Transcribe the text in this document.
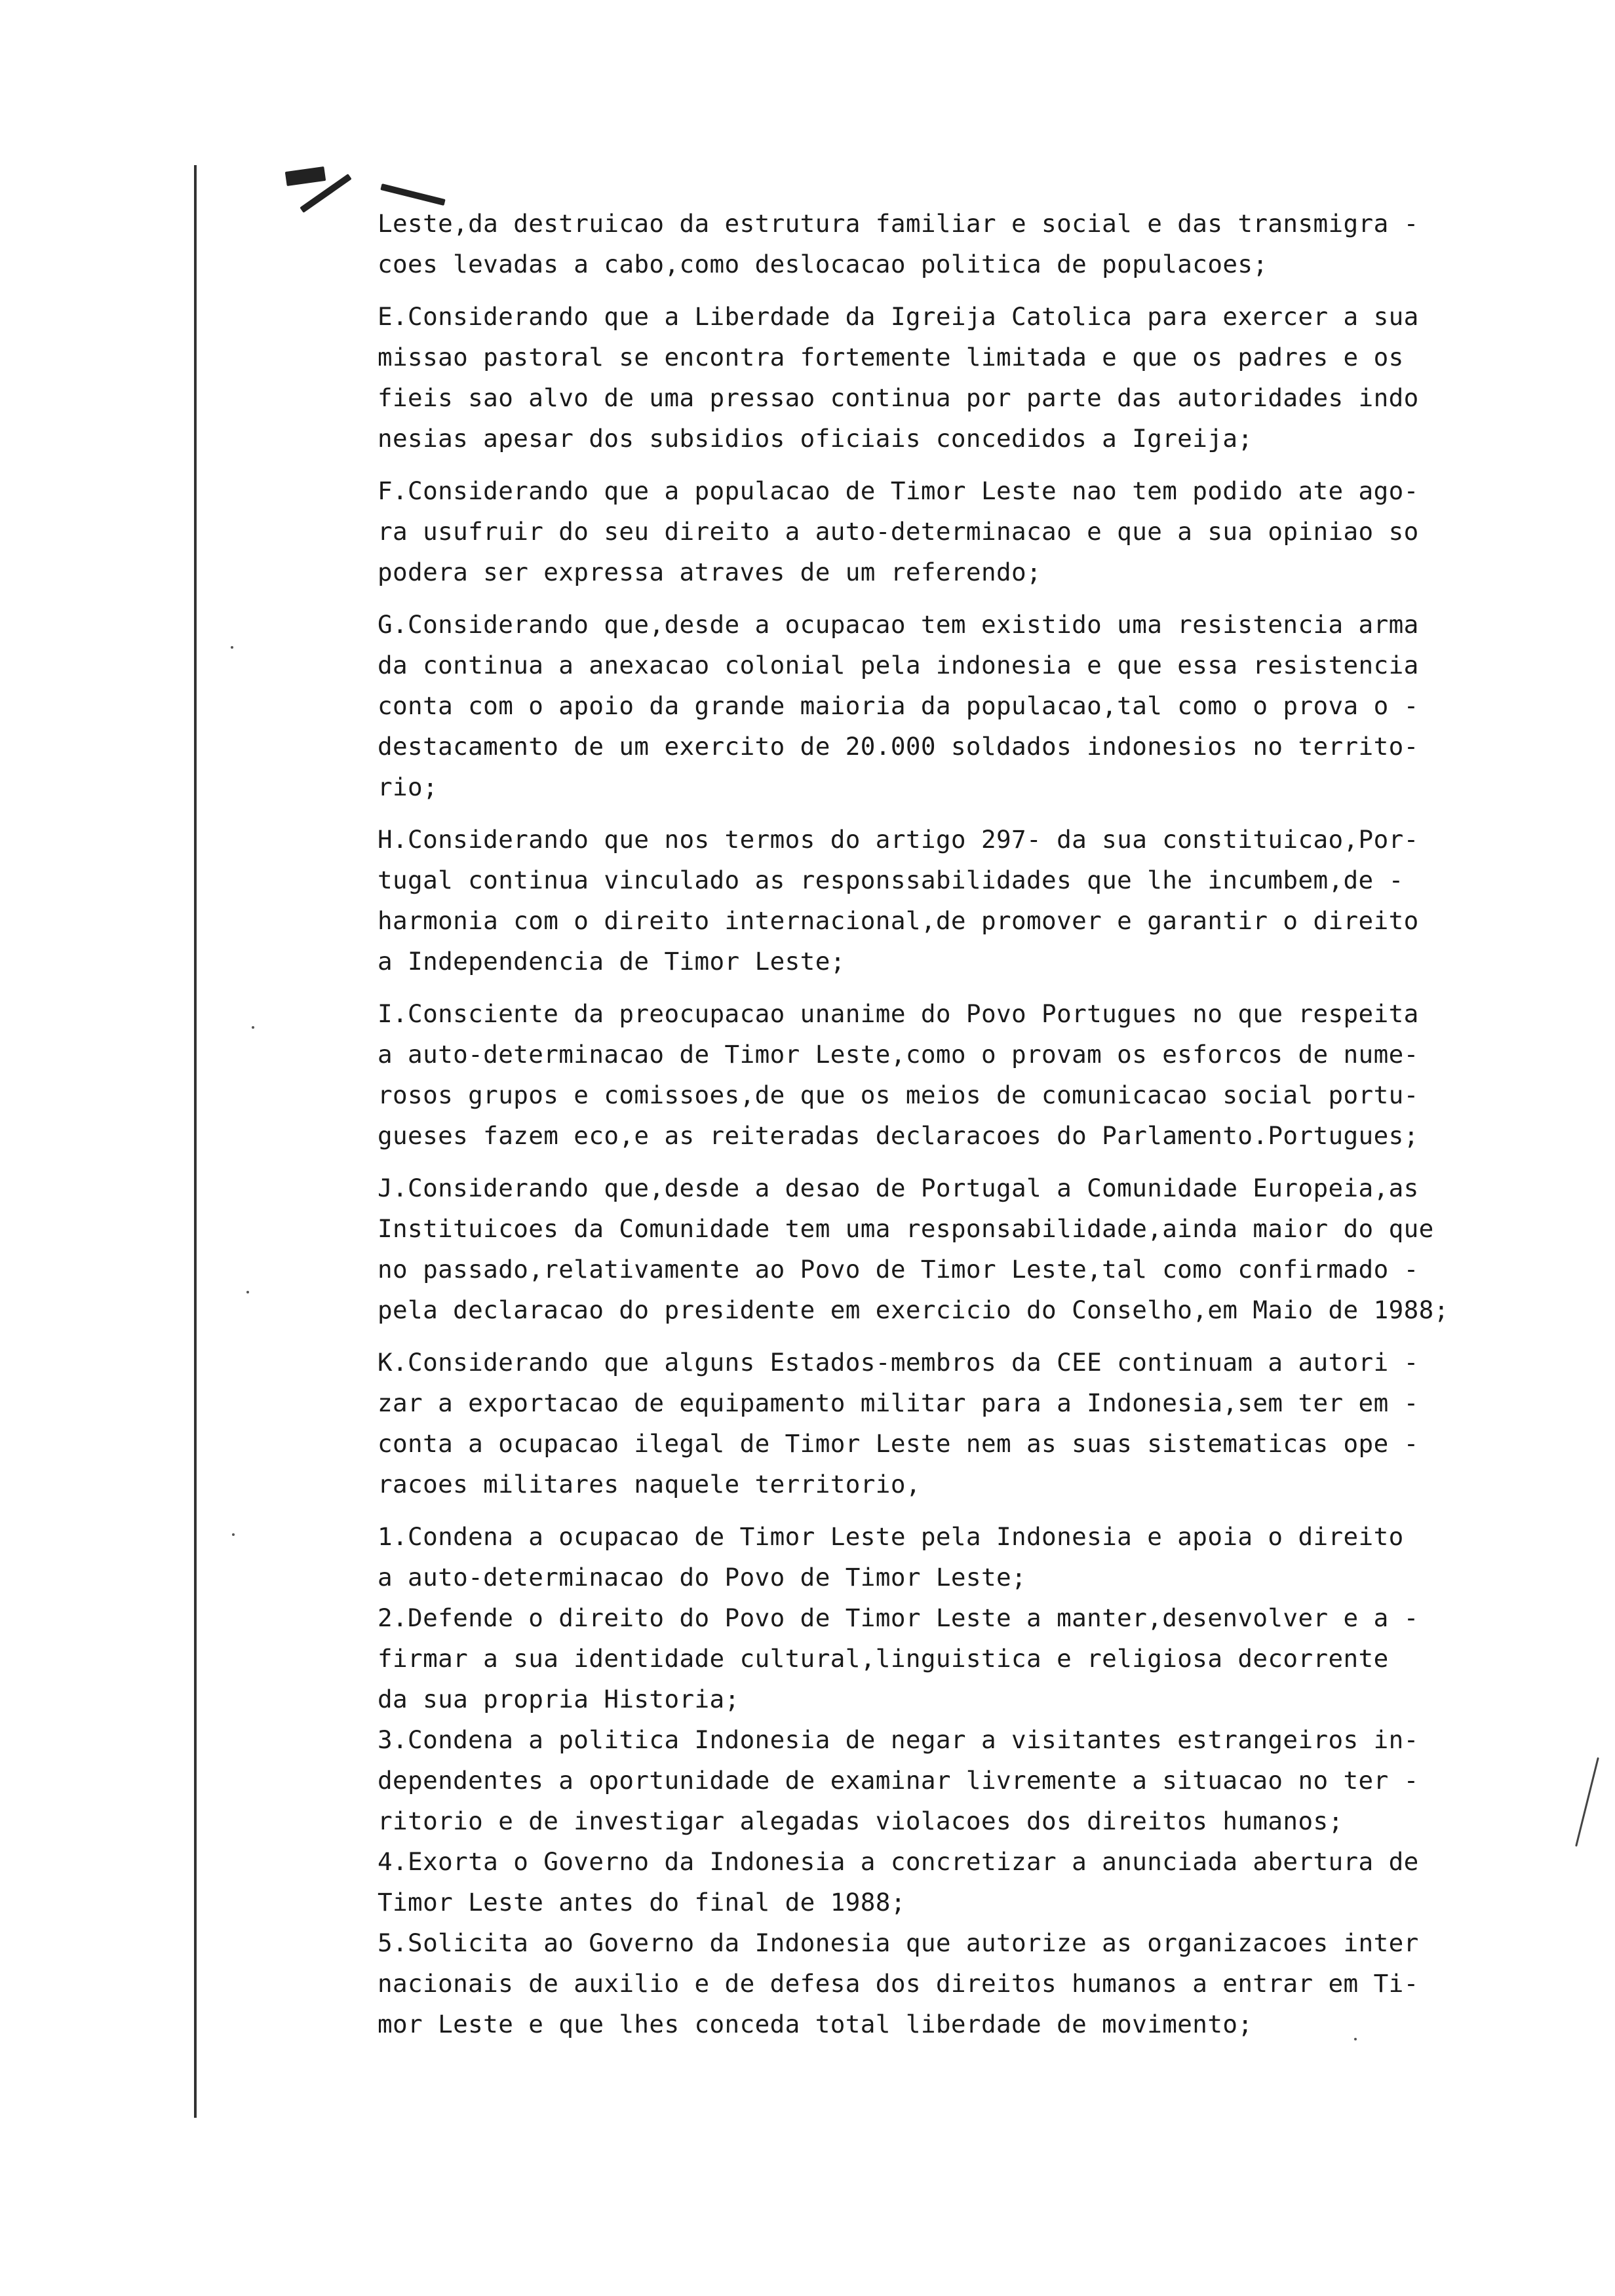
Leste,da destruicao da estrutura familiar e social e das transmigra -
coes levadas a cabo,como deslocacao politica de populacoes;
E.Considerando que a Liberdade da Igreija Catolica para exercer a sua
missao pastoral se encontra fortemente limitada e que os padres e os
fieis sao alvo de uma pressao continua por parte das autoridades indo
nesias apesar dos subsidios oficiais concedidos a Igreija;
F.Considerando que a populacao de Timor Leste nao tem podido ate ago-
ra usufruir do seu direito a auto-determinacao e que a sua opiniao so
podera ser expressa atraves de um referendo;
G.Considerando que,desde a ocupacao tem existido uma resistencia arma
da continua a anexacao colonial pela indonesia e que essa resistencia
conta com o apoio da grande maioria da populacao,tal como o prova o -
destacamento de um exercito de 20.000 soldados indonesios no territo-
rio;
H.Considerando que nos termos do artigo 297- da sua constituicao,Por-
tugal continua vinculado as responssabilidades que lhe incumbem,de -
harmonia com o direito internacional,de promover e garantir o direito
a Independencia de Timor Leste;
I.Consciente da preocupacao unanime do Povo Portugues no que respeita
a auto-determinacao de Timor Leste,como o provam os esforcos de nume-
rosos grupos e comissoes,de que os meios de comunicacao social portu-
gueses fazem eco,e as reiteradas declaracoes do Parlamento.Portugues;
J.Considerando que,desde a desao de Portugal a Comunidade Europeia,as
Instituicoes da Comunidade tem uma responsabilidade,ainda maior do que
no passado,relativamente ao Povo de Timor Leste,tal como confirmado -
pela declaracao do presidente em exercicio do Conselho,em Maio de 1988;
K.Considerando que alguns Estados-membros da CEE continuam a autori -
zar a exportacao de equipamento militar para a Indonesia,sem ter em -
conta a ocupacao ilegal de Timor Leste nem as suas sistematicas ope -
racoes militares naquele territorio,
1.Condena a ocupacao de Timor Leste pela Indonesia e apoia o direito
a auto-determinacao do Povo de Timor Leste;
2.Defende o direito do Povo de Timor Leste a manter,desenvolver e a -
firmar a sua identidade cultural,linguistica e religiosa decorrente
da sua propria Historia;
3.Condena a politica Indonesia de negar a visitantes estrangeiros in-
dependentes a oportunidade de examinar livremente a situacao no ter -
ritorio e de investigar alegadas violacoes dos direitos humanos;
4.Exorta o Governo da Indonesia a concretizar a anunciada abertura de
Timor Leste antes do final de 1988;
5.Solicita ao Governo da Indonesia que autorize as organizacoes inter
nacionais de auxilio e de defesa dos direitos humanos a entrar em Ti-
mor Leste e que lhes conceda total liberdade de movimento;
